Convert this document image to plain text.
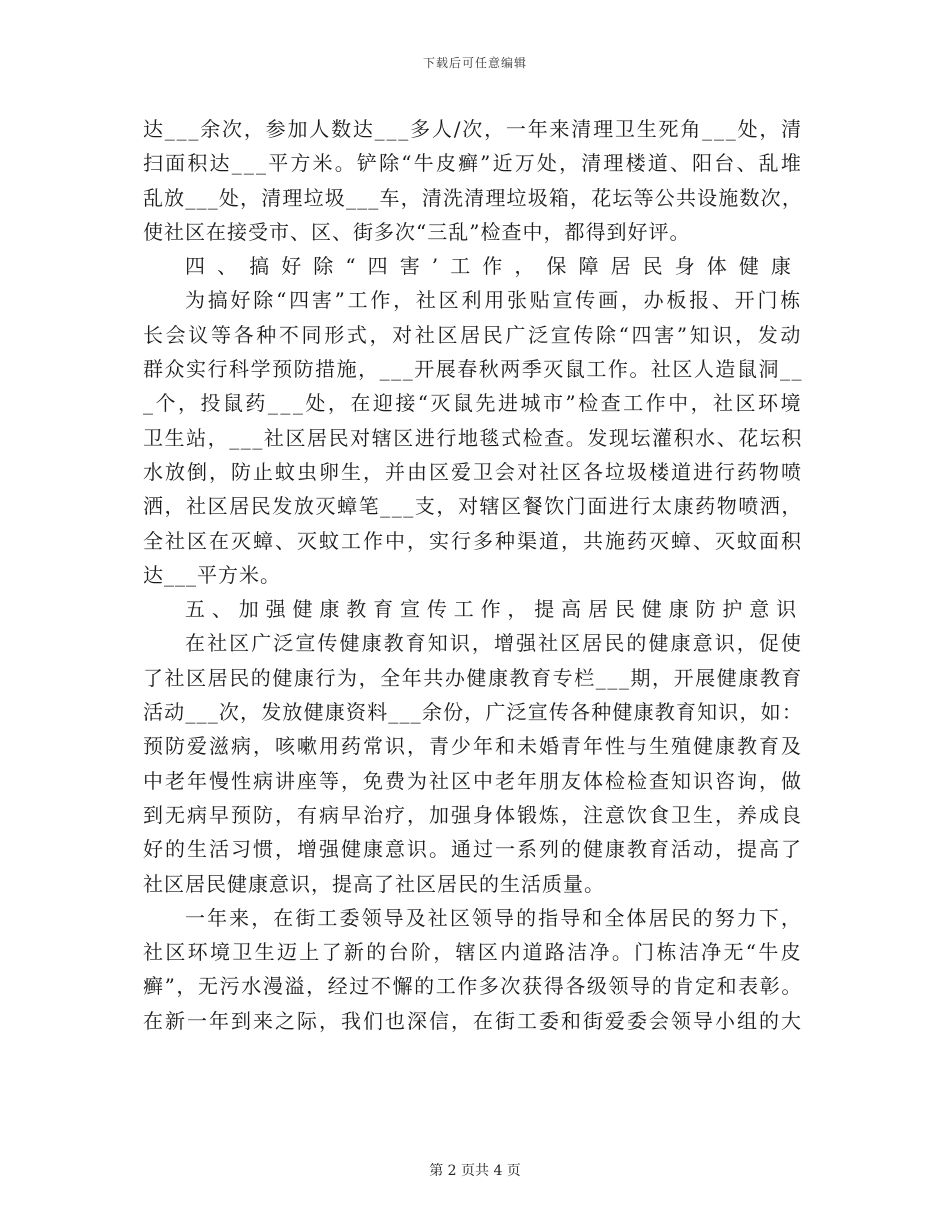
下载后可任意编辑
达___余次，参加人数达___多人/次，一年来清理卫生死角___处，清
扫面积达___平方米。铲除“牛皮癣”近万处，清理楼道、阳台、乱堆
乱放___处，清理垃圾___车，清洗清理垃圾箱，花坛等公共设施数次，
使社区在接受市、区、街多次“三乱”检查中，都得到好评。
四、搞好除“四害’工作，保障居民身体健康
为搞好除“四害”工作，社区利用张贴宣传画，办板报、开门栋
长会议等各种不同形式，对社区居民广泛宣传除“四害”知识，发动
群众实行科学预防措施，___开展春秋两季灭鼠工作。社区人造鼠洞__
_个，投鼠药___处，在迎接“灭鼠先进城市”检查工作中，社区环境
卫生站，___社区居民对辖区进行地毯式检查。发现坛灌积水、花坛积
水放倒，防止蚊虫卵生，并由区爱卫会对社区各垃圾楼道进行药物喷
洒，社区居民发放灭蟑笔___支，对辖区餐饮门面进行太康药物喷洒，
全社区在灭蟑、灭蚊工作中，实行多种渠道，共施药灭蟑、灭蚊面积
达___平方米。
五、加强健康教育宣传工作，提高居民健康防护意识
在社区广泛宣传健康教育知识，增强社区居民的健康意识，促使
了社区居民的健康行为，全年共办健康教育专栏___期，开展健康教育
活动___次，发放健康资料___余份，广泛宣传各种健康教育知识，如：
预防爱滋病，咳嗽用药常识，青少年和未婚青年性与生殖健康教育及
中老年慢性病讲座等，免费为社区中老年朋友体检检查知识咨询，做
到无病早预防，有病早治疗，加强身体锻炼，注意饮食卫生，养成良
好的生活习惯，增强健康意识。通过一系列的健康教育活动，提高了
社区居民健康意识，提高了社区居民的生活质量。
一年来，在街工委领导及社区领导的指导和全体居民的努力下，
社区环境卫生迈上了新的台阶，辖区内道路洁净。门栋洁净无“牛皮
癣”，无污水漫溢，经过不懈的工作多次获得各级领导的肯定和表彰。
在新一年到来之际，我们也深信，在街工委和街爱委会领导小组的大
第 2 页共 4 页
